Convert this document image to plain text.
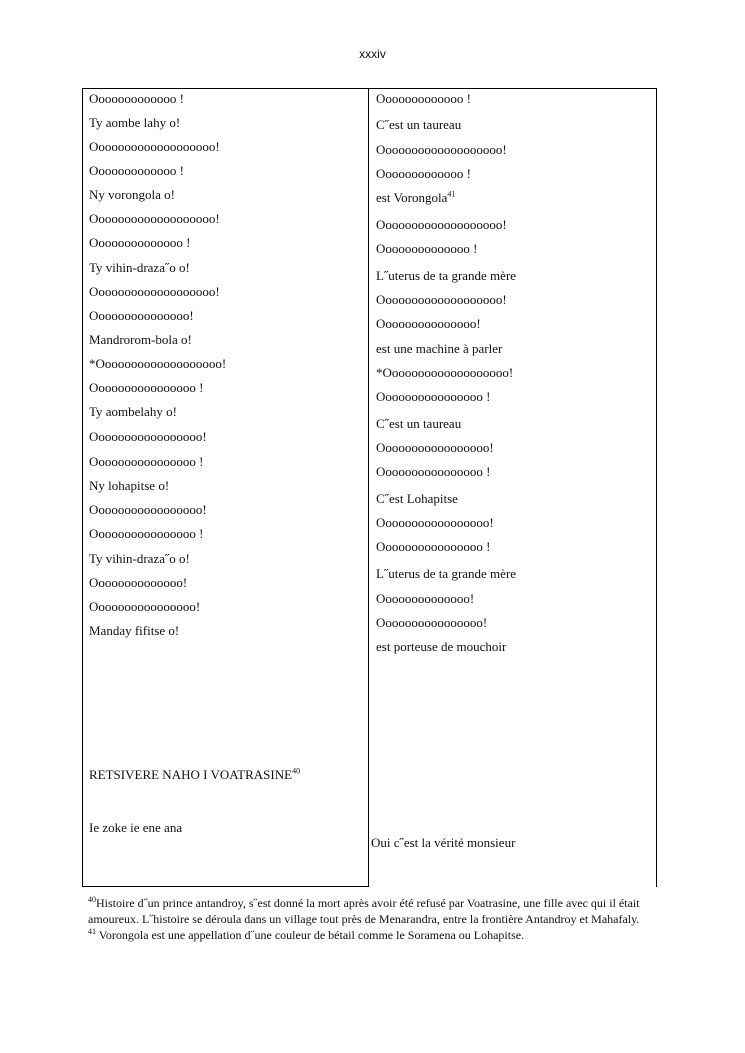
xxxiv
Ooooooooooooo !
Ty aombe lahy o!
Ooooooooooooooooooo!
Ooooooooooooo !
Ny vorongola o!
Ooooooooooooooooooo!
Oooooooooooooo !
Ty vihin-draza˝o o!
Ooooooooooooooooooo!
Ooooooooooooooo!
Mandrorom-bola o!
*Ooooooooooooooooooo!
Oooooooooooooooo !
Ty aombelahy o!
Ooooooooooooooooo!
Oooooooooooooooo !
Ny lohapitse o!
Ooooooooooooooooo!
Oooooooooooooooo !
Ty vihin-draza˝o o!
Oooooooooooooo!
Oooooooooooooooo!
Manday fifitse o!
RETSIVERE NAHO I VOATRASINE$^{40}$
Ie zoke ie ene ana
Ooooooooooooo !
C˝est un taureau
Ooooooooooooooooooo!
Ooooooooooooo !
est Vorongola$^{41}$
Ooooooooooooooooooo!
Oooooooooooooo !
L˝uterus de ta grande mère
Ooooooooooooooooooo!
Ooooooooooooooo!
est une machine à parler
*Ooooooooooooooooooo!
Oooooooooooooooo !
C˝est un taureau
Ooooooooooooooooo!
Oooooooooooooooo !
C˝est Lohapitse
Ooooooooooooooooo!
Oooooooooooooooo !
L˝uterus de ta grande mère
Oooooooooooooo!
Oooooooooooooooo!
est porteuse de mouchoir
Oui c˝est la vérité monsieur

$^{40}$Histoire d˝un prince antandroy, s˝est donné la mort après avoir été refusé par Voatrasine, une fille avec qui il était amoureux. L˝histoire se déroula dans un village tout près de Menarandra, entre la frontière Antandroy et Mahafaly.

$^{41}$ Vorongola est une appellation d˝une couleur de bétail comme le Soramena ou Lohapitse.
